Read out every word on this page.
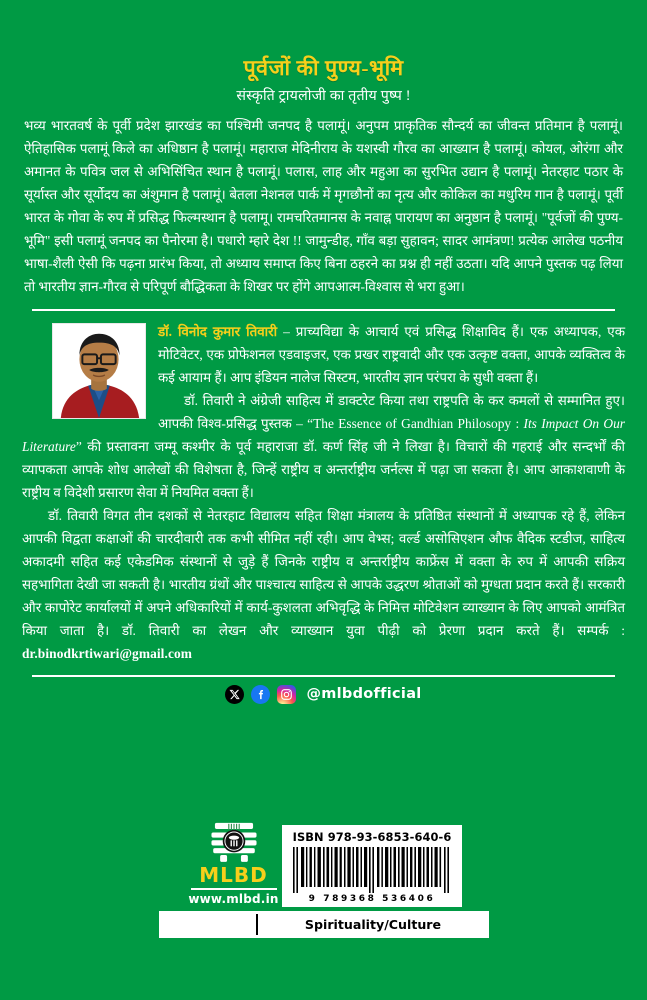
पूर्वजों की पुण्य-भूमि
संस्कृति ट्रायलोजी का तृतीय पुष्प !

भव्य भारतवर्ष के पूर्वी प्रदेश झारखंड का पश्चिमी जनपद है पलामूं। अनुपम प्राकृतिक सौन्दर्य का जीवन्त प्रतिमान है पलामूं। ऐतिहासिक पलामूं किले का अधिष्ठान है पलामूं। महाराज मेदिनीराय के यशस्वी गौरव का आख्यान है पलामूं। कोयल, ओरंगा और अमानत के पवित्र जल से अभिसिंचित स्थान है पलामूं। पलास, लाह और महुआ का सुरभित उद्यान है पलामूं। नेतरहाट पठार के सूर्यास्त और सूर्योदय का अंशुमान है पलामूं। बेतला नेशनल पार्क में मृगछौनों का नृत्य और कोकिल का मधुरिम गान है पलामूं। पूर्वी भारत के गोवा के रुप में प्रसिद्ध फिल्मस्थान है पलामू। रामचरितमानस के नवाह्न पारायण का अनुष्ठान है पलामूं। "पूर्वजों की पुण्य-भूमि" इसी पलामूं जनपद का पैनोरमा है। पधारो म्हारे देश !! जामुन्डीह, गाँव बड़ा सुहावन; सादर आमंत्रण! प्रत्येक आलेख पठनीय भाषा-शैली ऐसी कि पढ़ना प्रारंभ किया, तो अध्याय समाप्त किए बिना ठहरने का प्रश्न ही नहीं उठता। यदि आपने पुस्तक पढ़ लिया तो भारतीय ज्ञान-गौरव से परिपूर्ण बौद्धिकता के शिखर पर होंगे आपआत्म-विश्वास से भरा हुआ।

डॉ. विनोद कुमार तिवारी – प्राच्यविद्या के आचार्य एवं प्रसिद्ध शिक्षाविद हैं। एक अध्यापक, एक मोटिवेटर, एक प्रोफेशनल एडवाइजर, एक प्रखर राष्ट्रवादी और एक उत्कृष्ट वक्ता, आपके व्यक्तित्व के कई आयाम हैं। आप इंडियन नालेज सिस्टम, भारतीय ज्ञान परंपरा के सुधी वक्ता हैं।

डॉ. तिवारी ने अंग्रेजी साहित्य में डाक्टरेट किया तथा राष्ट्रपति के कर कमलों से सम्मानित हुए। आपकी विश्व-प्रसिद्ध पुस्तक – “The Essence of Gandhian Philosopy : Its Impact On Our Literature” की प्रस्तावना जम्मू कश्मीर के पूर्व महाराजा डॉ. कर्ण सिंह जी ने लिखा है। विचारों की गहराई और सन्दर्भों की व्यापकता आपके शोध आलेखों की विशेषता है, जिन्हें राष्ट्रीय व अन्तर्राष्ट्रीय जर्नल्स में पढ़ा जा सकता है। आप आकाशवाणी के राष्ट्रीय व विदेशी प्रसारण सेवा में नियमित वक्ता हैं।

डॉ. तिवारी विगत तीन दशकों से नेतरहाट विद्यालय सहित शिक्षा मंत्रालय के प्रतिष्ठित संस्थानों में अध्यापक रहे हैं, लेकिन आपकी विद्वता कक्षाओं की चारदीवारी तक कभी सीमित नहीं रही। आप वेभ्स; वर्ल्ड असोसिएशन औफ वैदिक स्टडीज, साहित्य अकादमी सहित कई एकेडमिक संस्थानों से जुड़े हैं जिनके राष्ट्रीय व अन्तर्राष्ट्रीय काफ्रेंस में वक्ता के रुप में आपकी सक्रिय सहभागिता देखी जा सकती है। भारतीय ग्रंथों और पाश्चात्य साहित्य से आपके उद्धरण श्रोताओं को मुग्धता प्रदान करते हैं। सरकारी और कापोरेट कार्यालयों में अपने अधिकारियों में कार्य-कुशलता अभिवृद्धि के निमित्त मोटिवेशन व्याख्यान के लिए आपको आमंत्रित किया जाता है। डॉ. तिवारी का लेखन और व्याख्यान युवा पीढ़ी को प्रेरणा प्रदान करते हैं। सम्पर्क : dr.binodkrtiwari@gmail.com

@mlbdofficial
MLBD
www.mlbd.in
ISBN 978-93-6853-640-6
9 789368 536406
Spirituality/Culture
